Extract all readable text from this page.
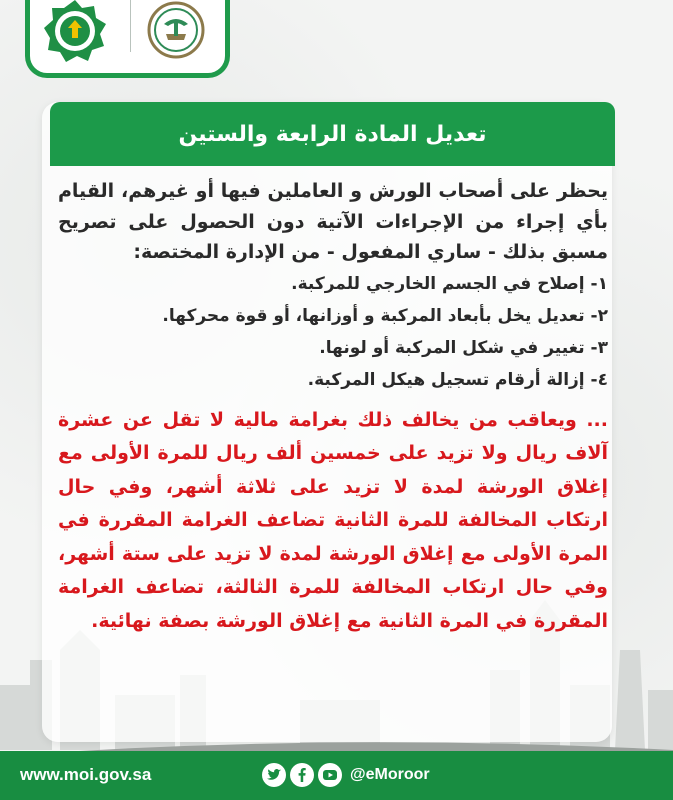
تعديل المادة الرابعة والستين

يحظر على أصحاب الورش و العاملين فيها أو غيرهم، القيام بأي إجراء من الإجراءات الآتية دون الحصول على تصريح مسبق بذلك - ساري المفعول - من الإدارة المختصة:

١- إصلاح في الجسم الخارجي للمركبة.
٢- تعديل يخل بأبعاد المركبة و أوزانها، أو قوة محركها.
٣- تغيير في شكل المركبة أو لونها.
٤- إزالة أرقام تسجيل هيكل المركبة.

... ويعاقب من يخالف ذلك بغرامة مالية لا تقل عن عشرة آلاف ريال ولا تزيد على خمسين ألف ريال للمرة الأولى مع إغلاق الورشة لمدة لا تزيد على ثلاثة أشهر، وفي حال ارتكاب المخالفة للمرة الثانية تضاعف الغرامة المقررة في المرة الأولى مع إغلاق الورشة لمدة لا تزيد على ستة أشهر، وفي حال ارتكاب المخالفة للمرة الثالثة، تضاعف الغرامة المقررة في المرة الثانية مع إغلاق الورشة بصفة نهائية.

www.moi.gov.sa	@eMoroor
